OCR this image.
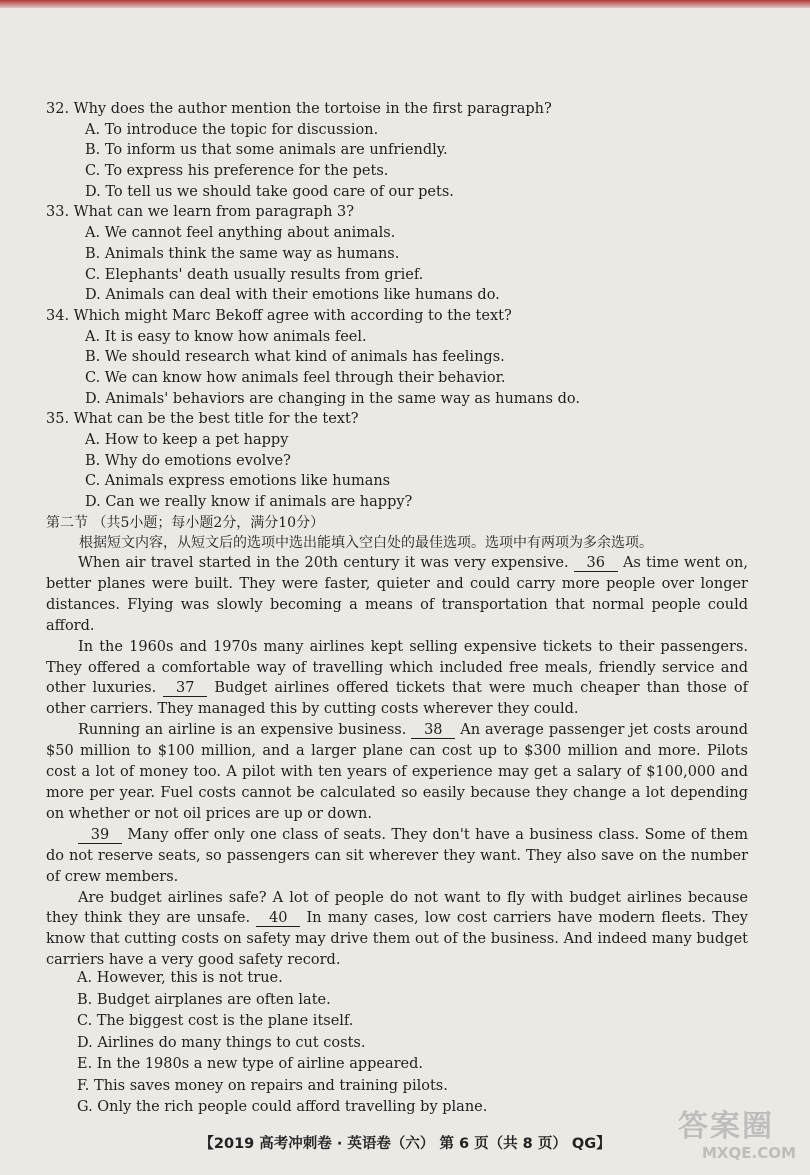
32. Why does the author mention the tortoise in the first paragraph?
A. To introduce the topic for discussion.
B. To inform us that some animals are unfriendly.
C. To express his preference for the pets.
D. To tell us we should take good care of our pets.
33. What can we learn from paragraph 3?
A. We cannot feel anything about animals.
B. Animals think the same way as humans.
C. Elephants' death usually results from grief.
D. Animals can deal with their emotions like humans do.
34. Which might Marc Bekoff agree with according to the text?
A. It is easy to know how animals feel.
B. We should research what kind of animals has feelings.
C. We can know how animals feel through their behavior.
D. Animals' behaviors are changing in the same way as humans do.
35. What can be the best title for the text?
A. How to keep a pet happy
B. Why do emotions evolve?
C. Animals express emotions like humans
D. Can we really know if animals are happy?
第二节 （共5小题；每小题2分，满分10分）
根据短文内容，从短文后的选项中选出能填入空白处的最佳选项。选项中有两项为多余选项。

When air travel started in the 20th century it was very expensive. 36 As time went on, better planes were built. They were faster, quieter and could carry more people over longer distances. Flying was slowly becoming a means of transportation that normal people could afford.

In the 1960s and 1970s many airlines kept selling expensive tickets to their passengers. They offered a comfortable way of travelling which included free meals, friendly service and other luxuries. 37 Budget airlines offered tickets that were much cheaper than those of other carriers. They managed this by cutting costs wherever they could.

Running an airline is an expensive business. 38 An average passenger jet costs around $50 million to $100 million, and a larger plane can cost up to $300 million and more. Pilots cost a lot of money too. A pilot with ten years of experience may get a salary of $100,000 and more per year. Fuel costs cannot be calculated so easily because they change a lot depending on whether or not oil prices are up or down.

39 Many offer only one class of seats. They don't have a business class. Some of them do not reserve seats, so passengers can sit wherever they want. They also save on the number of crew members.

Are budget airlines safe? A lot of people do not want to fly with budget airlines because they think they are unsafe. 40 In many cases, low cost carriers have modern fleets. They know that cutting costs on safety may drive them out of the business. And indeed many budget carriers have a very good safety record.

A. However, this is not true.
B. Budget airplanes are often late.
C. The biggest cost is the plane itself.
D. Airlines do many things to cut costs.
E. In the 1980s a new type of airline appeared.
F. This saves money on repairs and training pilots.
G. Only the rich people could afford travelling by plane.
【2019 高考冲刺卷 · 英语卷（六） 第 6 页（共 8 页） QG】	答案圈
MXQE.COM
